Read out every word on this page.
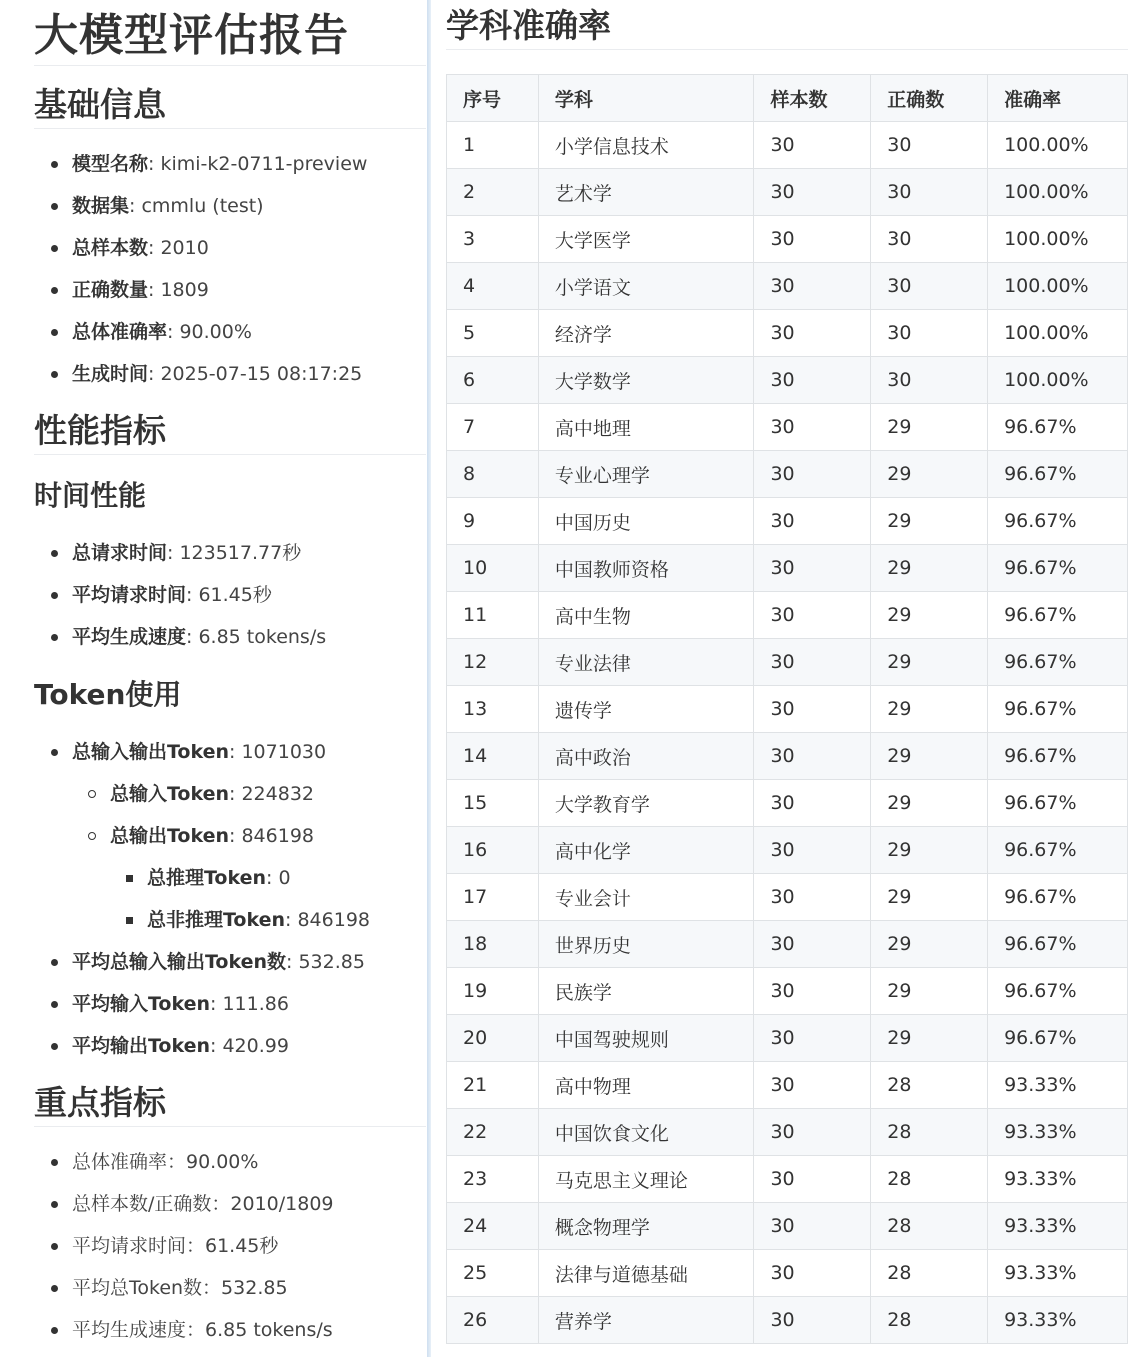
大模型评估报告
基础信息
模型名称: kimi-k2-0711-preview
数据集: cmmlu (test)
总样本数: 2010
正确数量: 1809
总体准确率: 90.00%
生成时间: 2025-07-15 08:17:25
性能指标
时间性能
总请求时间: 123517.77秒
平均请求时间: 61.45秒
平均生成速度: 6.85 tokens/s
Token使用
总输入输出Token: 1071030
总输入Token: 224832
总输出Token: 846198
总推理Token: 0
总非推理Token: 846198
平均总输入输出Token数: 532.85
平均输入Token: 111.86
平均输出Token: 420.99
重点指标
总体准确率：90.00%
总样本数/正确数：2010/1809
平均请求时间：61.45秒
平均总Token数：532.85
平均生成速度：6.85 tokens/s
学科准确率
序号	学科	样本数	正确数	准确率
1	小学信息技术	30	30	100.00%
2	艺术学	30	30	100.00%
3	大学医学	30	30	100.00%
4	小学语文	30	30	100.00%
5	经济学	30	30	100.00%
6	大学数学	30	30	100.00%
7	高中地理	30	29	96.67%
8	专业心理学	30	29	96.67%
9	中国历史	30	29	96.67%
10	中国教师资格	30	29	96.67%
11	高中生物	30	29	96.67%
12	专业法律	30	29	96.67%
13	遗传学	30	29	96.67%
14	高中政治	30	29	96.67%
15	大学教育学	30	29	96.67%
16	高中化学	30	29	96.67%
17	专业会计	30	29	96.67%
18	世界历史	30	29	96.67%
19	民族学	30	29	96.67%
20	中国驾驶规则	30	29	96.67%
21	高中物理	30	28	93.33%
22	中国饮食文化	30	28	93.33%
23	马克思主义理论	30	28	93.33%
24	概念物理学	30	28	93.33%
25	法律与道德基础	30	28	93.33%
26	营养学	30	28	93.33%
